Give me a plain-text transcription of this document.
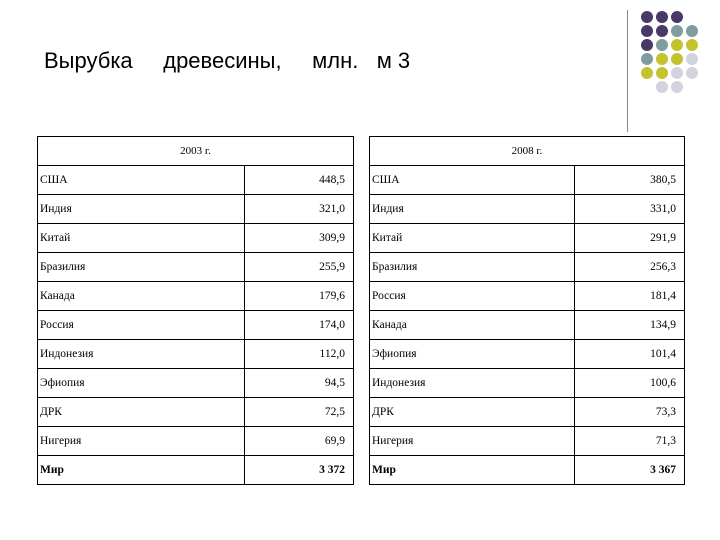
Вырубка     древесины,     млн.   м 3
2003 г.	
США	448,5
Индия	321,0
Китай	309,9
Бразилия	255,9
Канада	179,6
Россия	174,0
Индонезия	112,0
Эфиопия	94,5
ДРК	72,5
Нигерия	69,9
Мир	3 372
2008 г.	
США	380,5
Индия	331,0
Китай	291,9
Бразилия	256,3
Россия	181,4
Канада	134,9
Эфиопия	101,4
Индонезия	100,6
ДРК	73,3
Нигерия	71,3
Мир	3 367
